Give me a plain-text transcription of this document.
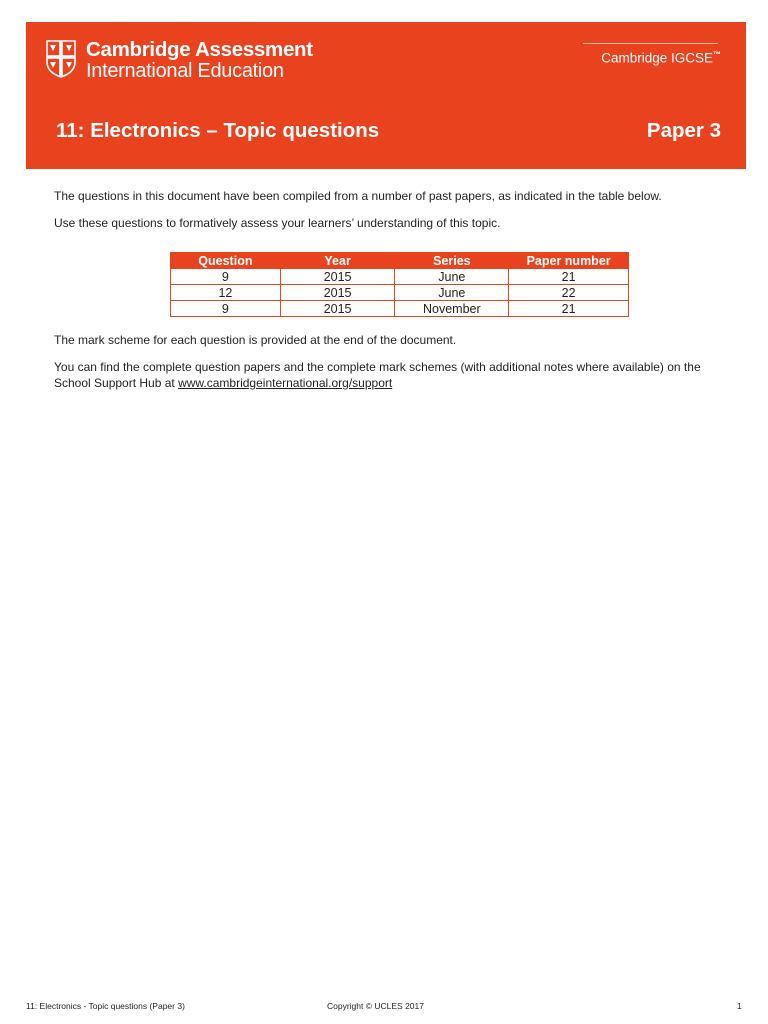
Cambridge Assessment
International Education
Cambridge IGCSE™
11: Electronics – Topic questions	Paper 3

The questions in this document have been compiled from a number of past papers, as indicated in the table below.

Use these questions to formatively assess your learners’ understanding of this topic.

Question	Year	Series	Paper number
9	2015	June	21
12	2015	June	22
9	2015	November	21

The mark scheme for each question is provided at the end of the document.

You can find the complete question papers and the complete mark schemes (with additional notes where available) on the School Support Hub at www.cambridgeinternational.org/support

11: Electronics - Topic questions (Paper 3)	Copyright © UCLES 2017	1
